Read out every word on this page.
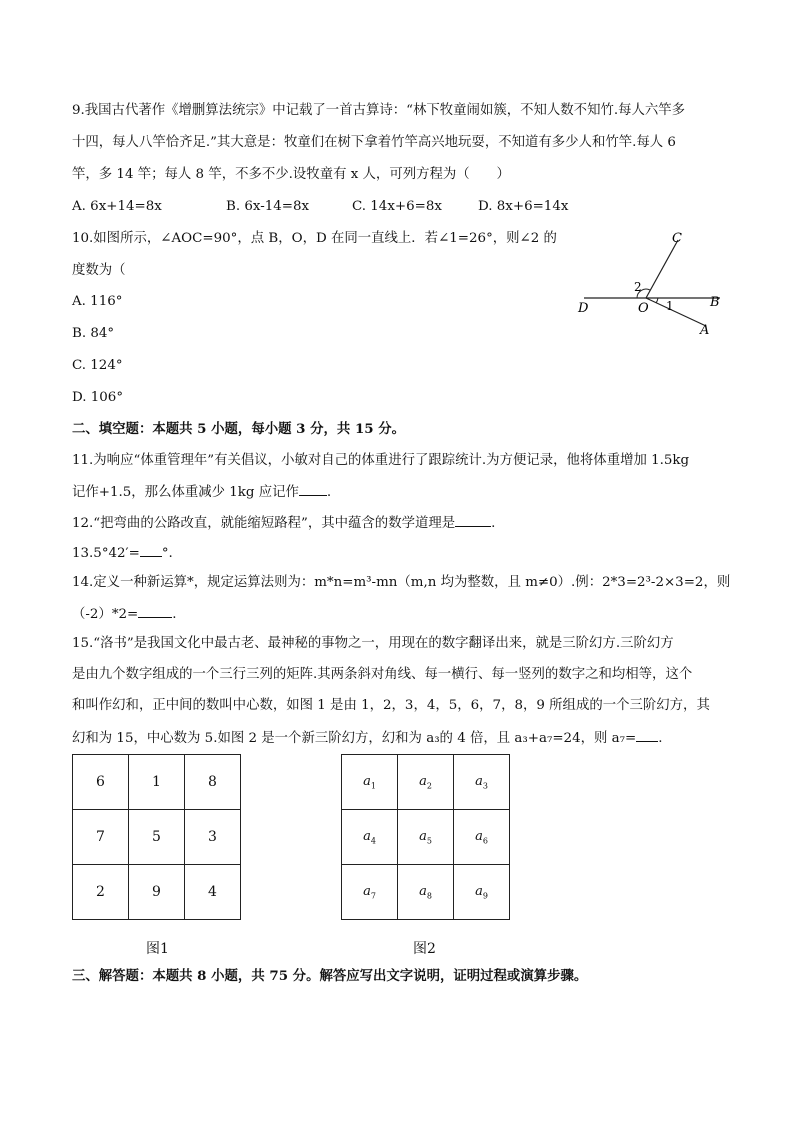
9.我国古代著作《增删算法统宗》中记载了一首古算诗：“林下牧童闹如簇，不知人数不知竹.每人六竿多
十四，每人八竿恰齐足.”其大意是：牧童们在树下拿着竹竿高兴地玩耍，不知道有多少人和竹竿.每人 6
竿，多 14 竿；每人 8 竿，不多不少.设牧童有 x 人，可列方程为（　　）
A. 6x+14=8x	B. 6x-14=8x	C. 14x+6=8x	D. 8x+6=14x
10.如图所示，∠AOC=90°，点 B，O，D 在同一直线上．若∠1=26°，则∠2 的
度数为（
A. 116°
B. 84°
C. 124°
D. 106°
C
A
B
D	O 1
2
二、填空题：本题共 5 小题，每小题 3 分，共 15 分。
11.为响应“体重管理年”有关倡议，小敏对自己的体重进行了跟踪统计.为方便记录，他将体重增加 1.5kg
记作+1.5，那么体重减少 1kg 应记作 .
12.“把弯曲的公路改直，就能缩短路程”，其中蕴含的数学道理是	.
13.5°42′= °.
14.定义一种新运算*，规定运算法则为：m*n=m³-mn（m,n 均为整数，且 m≠0）.例：2*3=2³-2×3=2，则
（-2）*2=	.
15.“洛书”是我国文化中最古老、最神秘的事物之一，用现在的数字翻译出来，就是三阶幻方.三阶幻方
是由九个数字组成的一个三行三列的矩阵.其两条斜对角线、每一横行、每一竖列的数字之和均相等，这个
和叫作幻和，正中间的数叫中心数，如图 1 是由 1，2，3，4，5，6，7，8，9 所组成的一个三阶幻方，其
幻和为 15，中心数为 5.如图 2 是一个新三阶幻方，幻和为 a₃的 4 倍，且 a₃+a₇=24，则 a₇= .
6	1	8
7	5	3
2	9	4
图1
$a_1$	$a_2$	$a_3$
$a_4$	$a_5$	$a_6$
$a_7$	$a_8$	$a_9$
图2
三、解答题：本题共 8 小题，共 75 分。解答应写出文字说明，证明过程或演算步骤。
